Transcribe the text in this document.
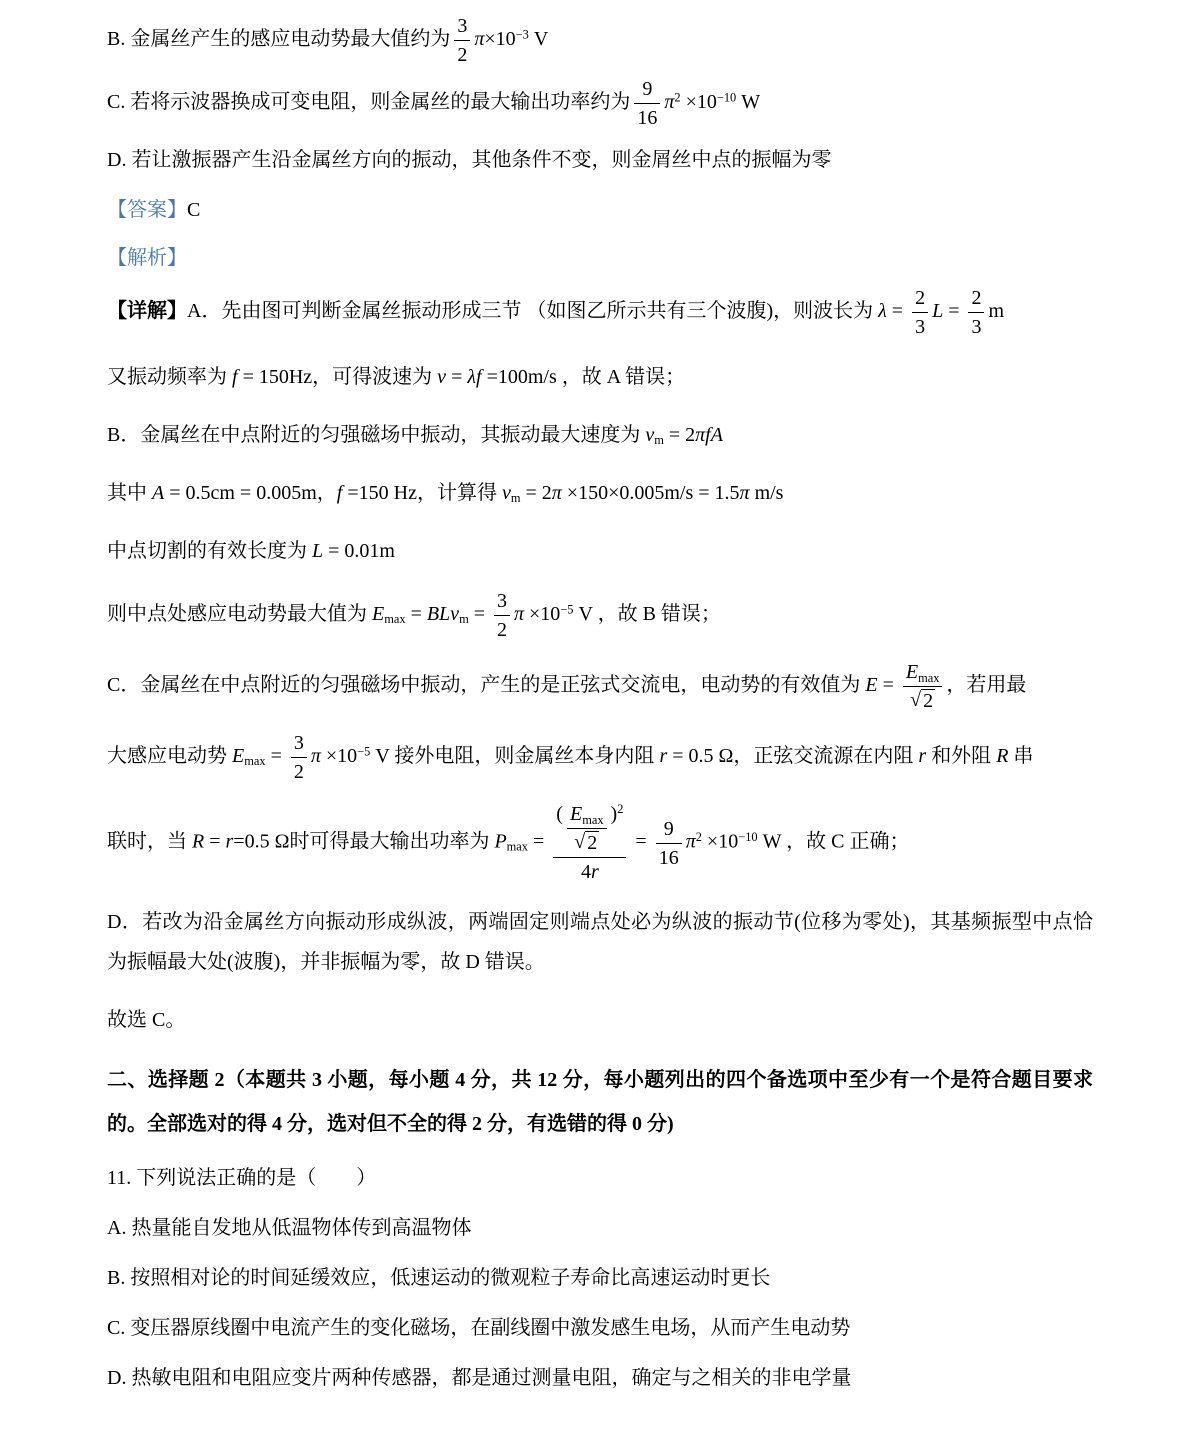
B. 金属丝产生的感应电动势最大值约为 $\frac{3}{2} \pi\times 10^{-3}$ V

C. 若将示波器换成可变电阻，则金属丝的最大输出功率约为 $\frac{9}{16} \pi^2 \times 10^{-10}$ W

D. 若让激振器产生沿金属丝方向的振动，其他条件不变，则金屑丝中点的振幅为零

【答案】C

【解析】

【详解】A．先由图可判断金属丝振动形成三节 （如图乙所示共有三个波腹)，则波长为 $\lambda = \frac{2}{3}$ $L = \frac{2}{3}$ m

又振动频率为 f = 150Hz，可得波速为 v = λf =100m/s ，故 A 错误；

B．金属丝在中点附近的匀强磁场中振动，其振动最大速度为 $v_m = 2\pi fA$

其中 A = 0.5cm = 0.005m，f =150 Hz，计算得 $v_m = 2\pi \times 150\times 0.005m/s = 1.5\pi$ m/s

中点切割的有效长度为 L = 0.01m

则中点处感应电动势最大值为 $E_{max} = BLv_m = \frac{3}{2}$ $\pi \times 10^{-5}$ V ，故 B 错误；

C．金属丝在中点附近的匀强磁场中振动，产生的是正弦式交流电，电动势的有效值为 $E = \frac{E _{max}}{√ 2}$ ，若用最

大感应电动势 $E_{max} = \frac{3}{2}$ $\pi \times 10^{-5}$ V 接外电阻，则金属丝本身内阻 r = 0.5 Ω，正弦交流源在内阻 r 和外阻 R 串

联时，当 R = r=0.5 Ω时可得最大输出功率为 $P_{max} = \frac{( \frac{E _{max}}{√ 2} ) ^2}{4 r} = \frac{9}{16} \pi^2 \times 10^{-10}$ W ，故 C 正确；

D．若改为沿金属丝方向振动形成纵波，两端固定则端点处必为纵波的振动节(位移为零处)，其基频振型中点恰为振幅最大处(波腹)，并非振幅为零，故 D 错误。

故选 C。

二、选择题 2（本题共 3 小题，每小题 4 分，共 12 分，每小题列出的四个备选项中至少有一个是符合题目要求的。全部选对的得 4 分，选对但不全的得 2 分，有选错的得 0 分)

11. 下列说法正确的是（　　）

A. 热量能自发地从低温物体传到高温物体

B. 按照相对论的时间延缓效应，低速运动的微观粒子寿命比高速运动时更长

C. 变压器原线圈中电流产生的变化磁场，在副线圈中激发感生电场，从而产生电动势

D. 热敏电阻和电阻应变片两种传感器，都是通过测量电阻，确定与之相关的非电学量
